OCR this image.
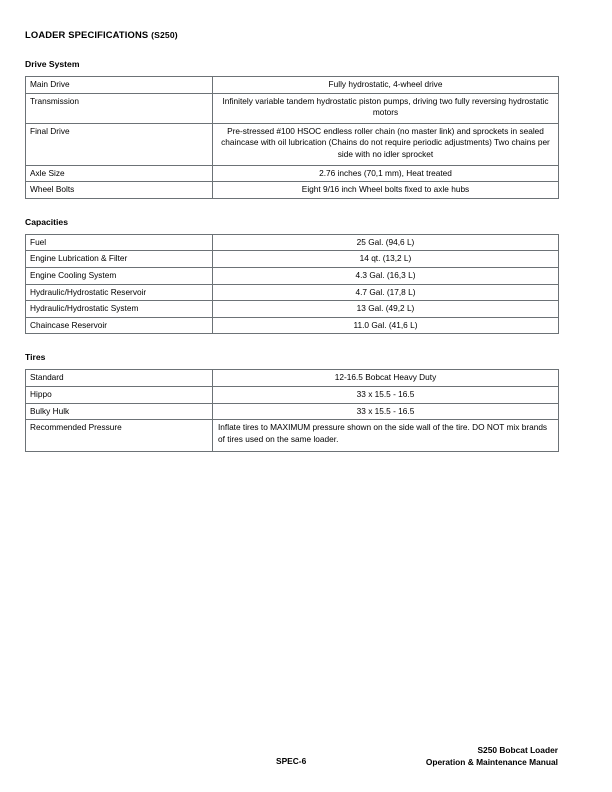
LOADER SPECIFICATIONS (S250)
Drive System
Main Drive	Fully hydrostatic, 4-wheel drive
Transmission	Infinitely variable tandem hydrostatic piston pumps, driving two fully reversing hydrostatic motors
Final Drive	Pre-stressed #100 HSOC endless roller chain (no master link) and sprockets in sealed chaincase with oil lubrication (Chains do not require periodic adjustments) Two chains per side with no idler sprocket
Axle Size	2.76 inches (70,1 mm), Heat treated
Wheel Bolts	Eight 9/16 inch Wheel bolts fixed to axle hubs
Capacities
Fuel	25 Gal. (94,6 L)
Engine Lubrication & Filter	14 qt. (13,2 L)
Engine Cooling System	4.3 Gal. (16,3 L)
Hydraulic/Hydrostatic Reservoir	4.7 Gal. (17,8 L)
Hydraulic/Hydrostatic System	13 Gal. (49,2 L)
Chaincase Reservoir	11.0 Gal. (41,6 L)
Tires
Standard	12-16.5 Bobcat Heavy Duty
Hippo	33 x 15.5 - 16.5
Bulky Hulk	33 x 15.5 - 16.5
Recommended Pressure	Inflate tires to MAXIMUM pressure shown on the side wall of the tire. DO NOT mix brands of tires used on the same loader.
SPEC-6
S250 Bobcat Loader
Operation & Maintenance Manual
